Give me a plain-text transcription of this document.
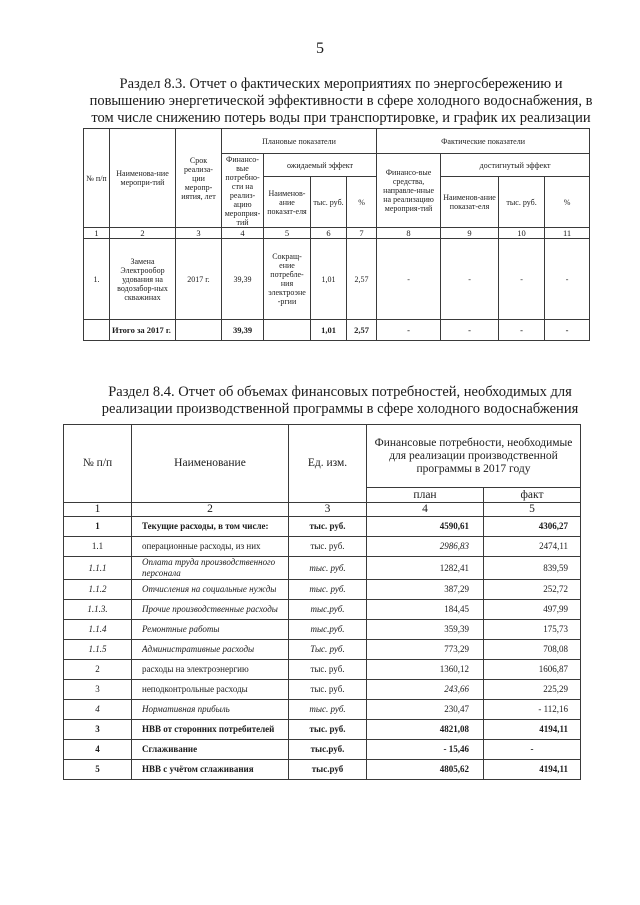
5
Раздел 8.3. Отчет о фактических мероприятиях по энергосбережению и
повышению энергетической эффективности в сфере холодного водоснабжения, в
том числе снижению потерь воды при транспортировке, и график их реализации
№ п/п	Наименова-ние меропри-тий	Срок реализа-ции меропр-иятия, лет	Плановые показатели				Фактические показатели			
			Финансо-вые потребно-сти на реализ-ацию мероприя-тий	ожидаемый эффект			Финансо-вые средства, направле-нные на реализацию мероприя-тий	достигнутый эффект		
				Наименов-ание показат-еля	тыс. руб.	%		Наименов-ание показат-еля	тыс. руб.	%
1	2	3	4	5	6	7	8	9	10	11
1.	Замена Электрообор удования на водозабор-ных скважинах	2017 г.	39,39	Сокращ-ение потребле-ния электроэне -ргии	1,01	2,57	-	-	-	-
	Итого за 2017 г.		39,39		1,01	2,57	-	-	-	-
Раздел 8.4. Отчет об объемах финансовых потребностей, необходимых для
реализации производственной программы в сфере холодного водоснабжения
№ п/п	Наименование	Ед. изм.	Финансовые потребности, необходимые для реализации производственной программы в 2017 году	
			план	факт
1	2	3	4	5
1	Текущие расходы, в том числе:	тыс. руб.	4590,61	4306,27
1.1	операционные расходы, из них	тыс. руб.	2986,83	2474,11
1.1.1	Оплата труда производственного персонала	тыс. руб.	1282,41	839,59
1.1.2	Отчисления на социальные нужды	тыс. руб.	387,29	252,72
1.1.3.	Прочие производственные расходы	тыс.руб.	184,45	497,99
1.1.4	Ремонтные работы	тыс.руб.	359,39	175,73
1.1.5	Административные расходы	Тыс. руб.	773,29	708,08
2	расходы на электроэнергию	тыс. руб.	1360,12	1606,87
3	неподконтрольные расходы	тыс. руб.	243,66	225,29
4	Нормативная прибыль	тыс. руб.	230,47	- 112,16
3	НВВ от сторонних потребителей	тыс. руб.	4821,08	4194,11
4	Сглаживание	тыс.руб.	- 15,46	-
5	НВВ с учётом сглаживания	тыс.руб	4805,62	4194,11
